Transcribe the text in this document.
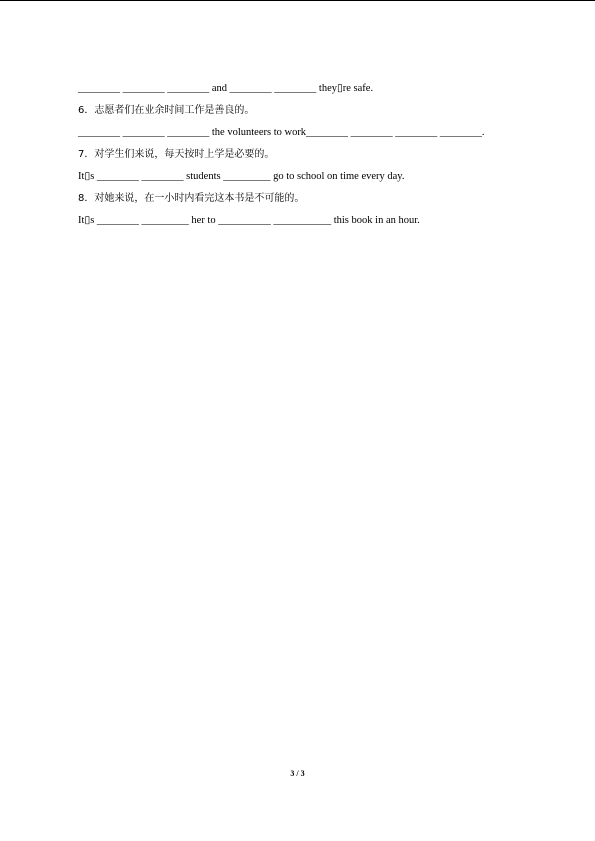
________ ________ ________ and ________ ________ they▯re safe.
6．志愿者们在业余时间工作是善良的。
________ ________ ________ the volunteers to work________ ________ ________ ________.
7．对学生们来说，每天按时上学是必要的。
It▯s ________ ________ students _________ go to school on time every day.
8．对她来说，在一小时内看完这本书是不可能的。
It▯s ________ _________ her to __________ ___________ this book in an hour.
3 / 3
